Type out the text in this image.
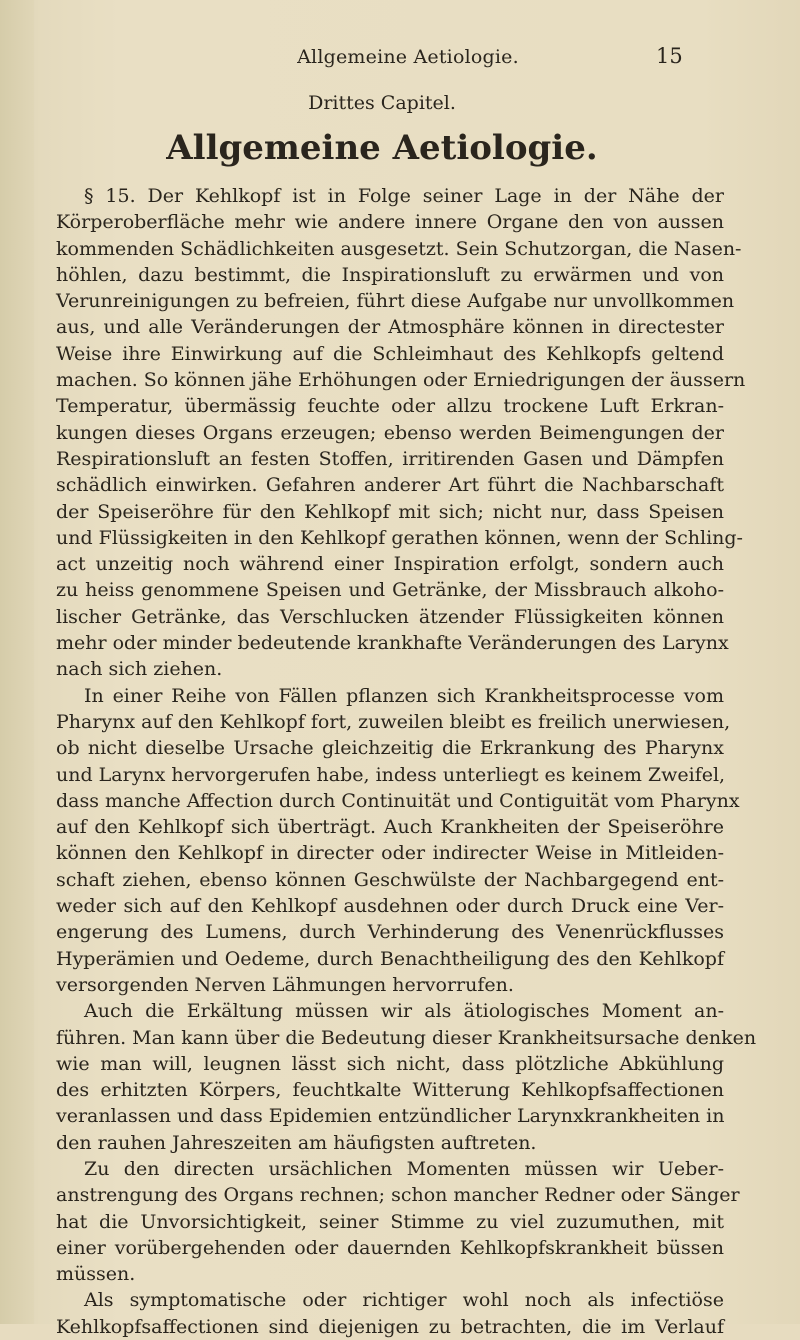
Allgemeine Aetiologie.	15
Drittes Capitel.
Allgemeine Aetiologie.
§ 15. Der Kehlkopf ist in Folge seiner Lage in der Nähe der
Körperoberfläche mehr wie andere innere Organe den von aussen
kommenden Schädlichkeiten ausgesetzt. Sein Schutzorgan, die Nasen-
höhlen, dazu bestimmt, die Inspirationsluft zu erwärmen und von
Verunreinigungen zu befreien, führt diese Aufgabe nur unvollkommen
aus, und alle Veränderungen der Atmosphäre können in directester
Weise ihre Einwirkung auf die Schleimhaut des Kehlkopfs geltend
machen. So können jähe Erhöhungen oder Erniedrigungen der äussern
Temperatur, übermässig feuchte oder allzu trockene Luft Erkran-
kungen dieses Organs erzeugen; ebenso werden Beimengungen der
Respirationsluft an festen Stoffen, irritirenden Gasen und Dämpfen
schädlich einwirken. Gefahren anderer Art führt die Nachbarschaft
der Speiseröhre für den Kehlkopf mit sich; nicht nur, dass Speisen
und Flüssigkeiten in den Kehlkopf gerathen können, wenn der Schling-
act unzeitig noch während einer Inspiration erfolgt, sondern auch
zu heiss genommene Speisen und Getränke, der Missbrauch alkoho-
lischer Getränke, das Verschlucken ätzender Flüssigkeiten können
mehr oder minder bedeutende krankhafte Veränderungen des Larynx
nach sich ziehen.
In einer Reihe von Fällen pflanzen sich Krankheitsprocesse vom
Pharynx auf den Kehlkopf fort, zuweilen bleibt es freilich unerwiesen,
ob nicht dieselbe Ursache gleichzeitig die Erkrankung des Pharynx
und Larynx hervorgerufen habe, indess unterliegt es keinem Zweifel,
dass manche Affection durch Continuität und Contiguität vom Pharynx
auf den Kehlkopf sich überträgt. Auch Krankheiten der Speiseröhre
können den Kehlkopf in directer oder indirecter Weise in Mitleiden-
schaft ziehen, ebenso können Geschwülste der Nachbargegend ent-
weder sich auf den Kehlkopf ausdehnen oder durch Druck eine Ver-
engerung des Lumens, durch Verhinderung des Venenrückflusses
Hyperämien und Oedeme, durch Benachtheiligung des den Kehlkopf
versorgenden Nerven Lähmungen hervorrufen.
Auch die Erkältung müssen wir als ätiologisches Moment an-
führen. Man kann über die Bedeutung dieser Krankheitsursache denken
wie man will, leugnen lässt sich nicht, dass plötzliche Abkühlung
des erhitzten Körpers, feuchtkalte Witterung Kehlkopfsaffectionen
veranlassen und dass Epidemien entzündlicher Larynxkrankheiten in
den rauhen Jahreszeiten am häufigsten auftreten.
Zu den directen ursächlichen Momenten müssen wir Ueber-
anstrengung des Organs rechnen; schon mancher Redner oder Sänger
hat die Unvorsichtigkeit, seiner Stimme zu viel zuzumuthen, mit
einer vorübergehenden oder dauernden Kehlkopfskrankheit büssen
müssen.
Als symptomatische oder richtiger wohl noch als infectiöse
Kehlkopfsaffectionen sind diejenigen zu betrachten, die im Verlauf
